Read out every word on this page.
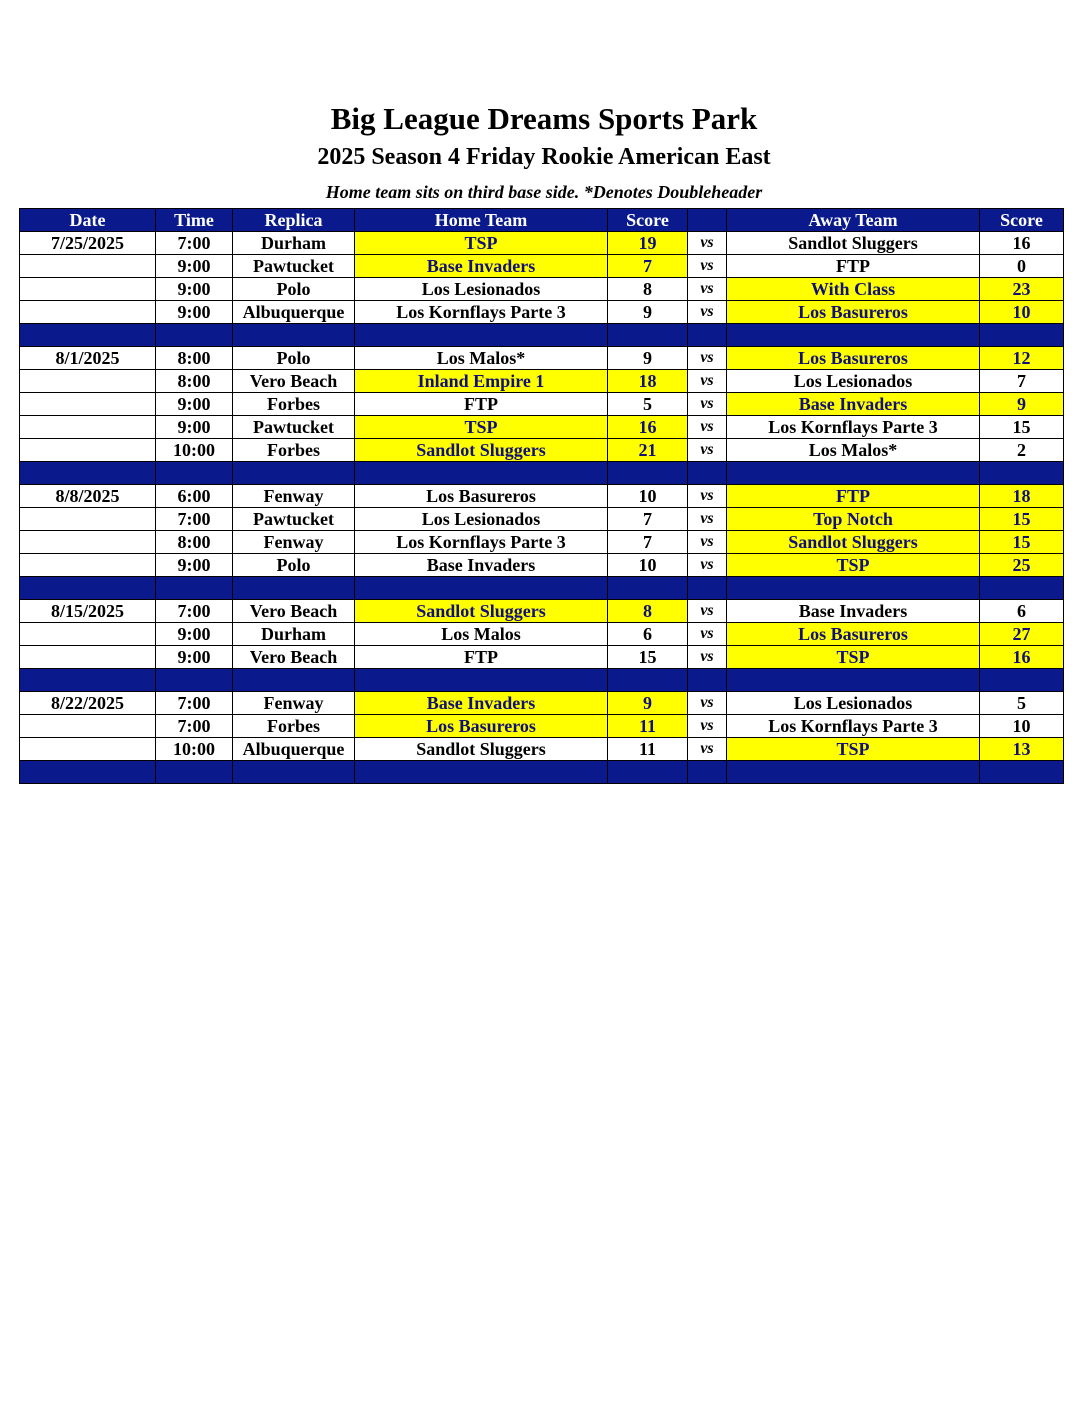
Big League Dreams Sports Park
2025 Season 4 Friday Rookie American East
Home team sits on third base side. *Denotes Doubleheader
Date	Time	Replica	Home Team	Score		Away Team	Score
7/25/2025	7:00	Durham	TSP	19	vs	Sandlot Sluggers	16
	9:00	Pawtucket	Base Invaders	7	vs	FTP	0
	9:00	Polo	Los Lesionados	8	vs	With Class	23
	9:00	Albuquerque	Los Kornflays Parte 3	9	vs	Los Basureros	10

8/1/2025	8:00	Polo	Los Malos*	9	vs	Los Basureros	12
	8:00	Vero Beach	Inland Empire 1	18	vs	Los Lesionados	7
	9:00	Forbes	FTP	5	vs	Base Invaders	9
	9:00	Pawtucket	TSP	16	vs	Los Kornflays Parte 3	15
	10:00	Forbes	Sandlot Sluggers	21	vs	Los Malos*	2

8/8/2025	6:00	Fenway	Los Basureros	10	vs	FTP	18
	7:00	Pawtucket	Los Lesionados	7	vs	Top Notch	15
	8:00	Fenway	Los Kornflays Parte 3	7	vs	Sandlot Sluggers	15
	9:00	Polo	Base Invaders	10	vs	TSP	25

8/15/2025	7:00	Vero Beach	Sandlot Sluggers	8	vs	Base Invaders	6
	9:00	Durham	Los Malos	6	vs	Los Basureros	27
	9:00	Vero Beach	FTP	15	vs	TSP	16

8/22/2025	7:00	Fenway	Base Invaders	9	vs	Los Lesionados	5
	7:00	Forbes	Los Basureros	11	vs	Los Kornflays Parte 3	10
	10:00	Albuquerque	Sandlot Sluggers	11	vs	TSP	13
